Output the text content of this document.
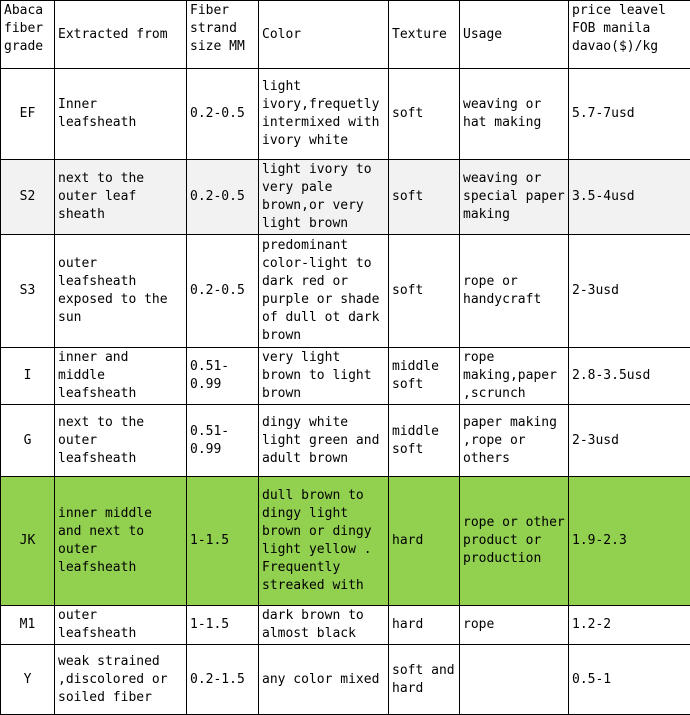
Abaca fiber grade	Extracted from	Fiber strand size MM	Color	Texture	Usage	price leavel FOB manila davao($)/kg
EF	Inner leafsheath	0.2-0.5	light ivory,frequetly intermixed with ivory white	soft	weaving or hat making	5.7-7usd
S2	next to the outer leaf sheath	0.2-0.5	light ivory to very pale brown,or very light brown	soft	weaving or special paper making	3.5-4usd
S3	outer leafsheath exposed to the sun	0.2-0.5	predominant color-light to dark red or purple or shade of dull ot dark brown	soft	rope or handycraft	2-3usd
I	inner and middle leafsheath	0.51-0.99	very light brown to light brown	middle soft	rope making,paper ,scrunch	2.8-3.5usd
G	next to the outer leafsheath	0.51-0.99	dingy white light green and adult brown	middle soft	paper making ,rope or others	2-3usd
JK	inner middle and next to outer leafsheath	1-1.5	dull brown to dingy light brown or dingy light yellow . Frequently streaked with	hard	rope or other product or production	1.9-2.3
M1	outer leafsheath	1-1.5	dark brown to almost black	hard	rope	1.2-2
Y	weak strained ,discolored or soiled fiber	0.2-1.5	any color mixed	soft and hard		0.5-1
